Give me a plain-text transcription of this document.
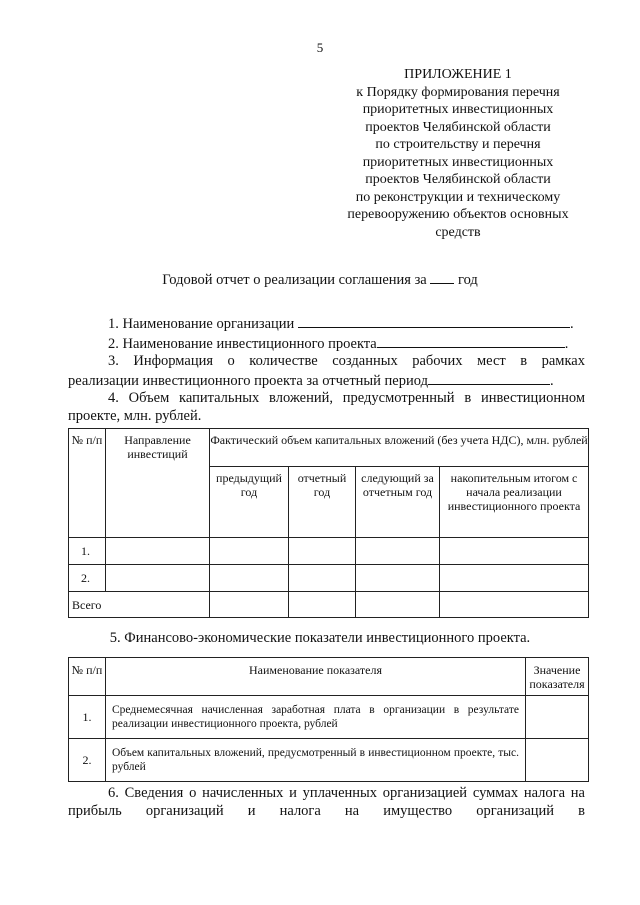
5
ПРИЛОЖЕНИЕ 1
к Порядку формирования перечня
приоритетных инвестиционных
проектов Челябинской области
по строительству и перечня
приоритетных инвестиционных
проектов Челябинской области
по реконструкции и техническому
перевооружению объектов основных
средств
Годовой отчет о реализации соглашения за год

1. Наименование организации	.

2. Наименование инвестиционного проекта	.

3. Информация о количестве созданных рабочих мест в рамках

реализации инвестиционного проекта за отчетный период	.

4. Объем капитальных вложений, предусмотренный в инвестиционном

проекте, млн. рублей.

№ п/п	Направление инвестиций	Фактический объем капитальных вложений (без учета НДС), млн. рублей			
		предыдущий год	отчетный год	следующий за отчетным год	накопительным итогом с начала реализации инвестиционного проекта
1.					
2.					
Всего					
5. Финансово-экономические показатели инвестиционного проекта.
№ п/п	Наименование показателя	Значение показателя
1.	Среднемесячная начисленная заработная плата в организации в результате реализации инвестиционного проекта, рублей	
2.	Объем капитальных вложений, предусмотренный в инвестиционном проекте, тыс. рублей	

6. Сведения о начисленных и уплаченных организацией суммах налога на

прибыль организаций и налога на имущество организаций в
